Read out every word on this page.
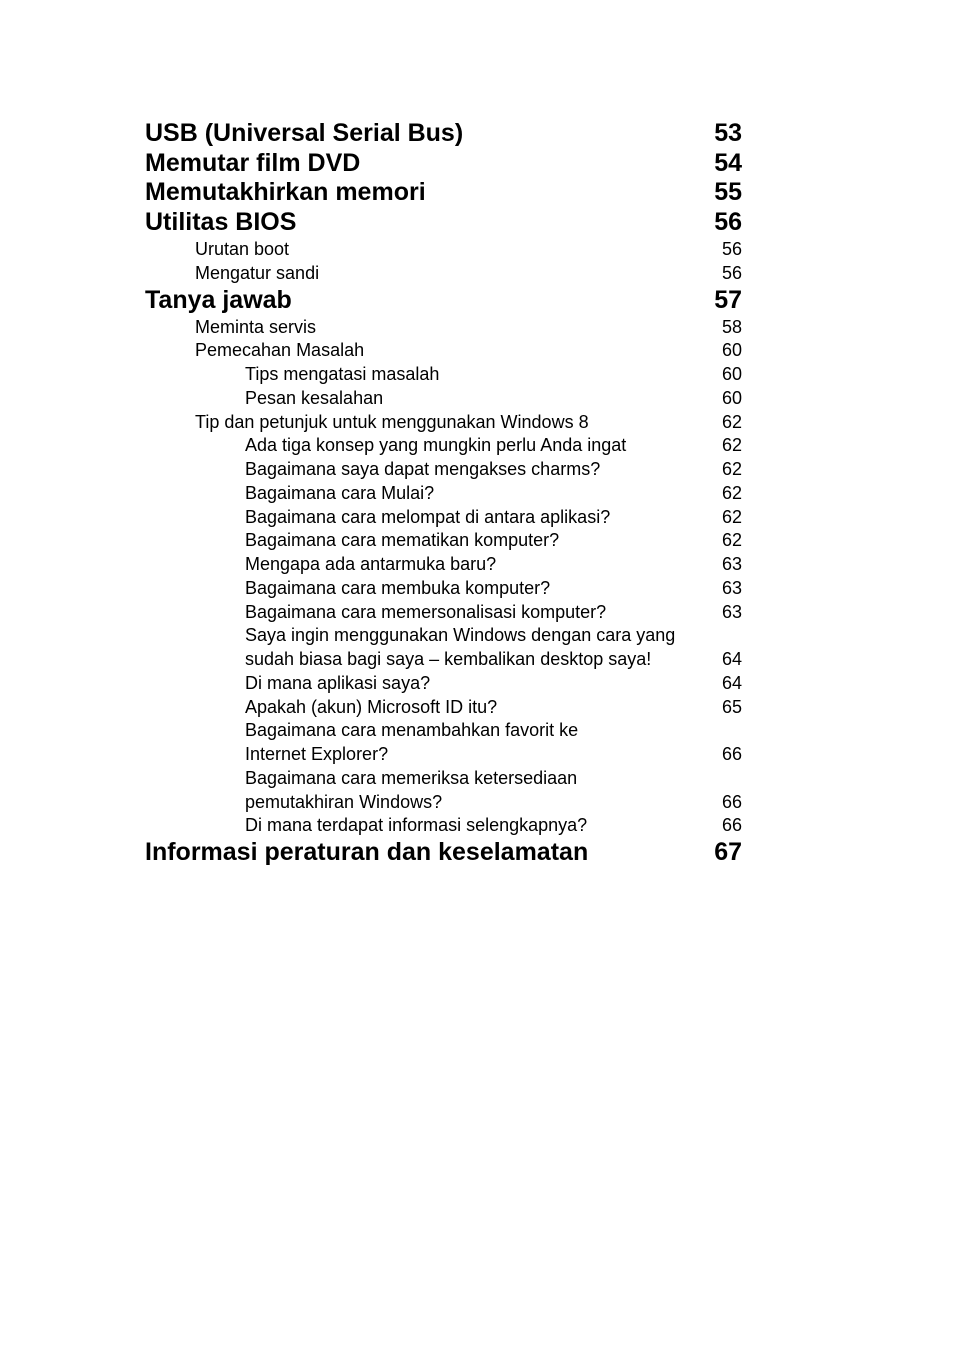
USB (Universal Serial Bus)	53
Memutar film DVD	54
Memutakhirkan memori	55
Utilitas BIOS	56
Urutan boot	56
Mengatur sandi	56
Tanya jawab	57
Meminta servis	58
Pemecahan Masalah	60
Tips mengatasi masalah	60
Pesan kesalahan	60
Tip dan petunjuk untuk menggunakan Windows 8	62
Ada tiga konsep yang mungkin perlu Anda ingat	62
Bagaimana saya dapat mengakses charms?	62
Bagaimana cara Mulai?	62
Bagaimana cara melompat di antara aplikasi?	62
Bagaimana cara mematikan komputer?	62
Mengapa ada antarmuka baru?	63
Bagaimana cara membuka komputer?	63
Bagaimana cara memersonalisasi komputer?	63
Saya ingin menggunakan Windows dengan cara yang
sudah biasa bagi saya – kembalikan desktop saya!	64
Di mana aplikasi saya?	64
Apakah (akun) Microsoft ID itu?	65
Bagaimana cara menambahkan favorit ke
Internet Explorer?	66
Bagaimana cara memeriksa ketersediaan
pemutakhiran Windows?	66
Di mana terdapat informasi selengkapnya?	66
Informasi peraturan dan keselamatan	67
